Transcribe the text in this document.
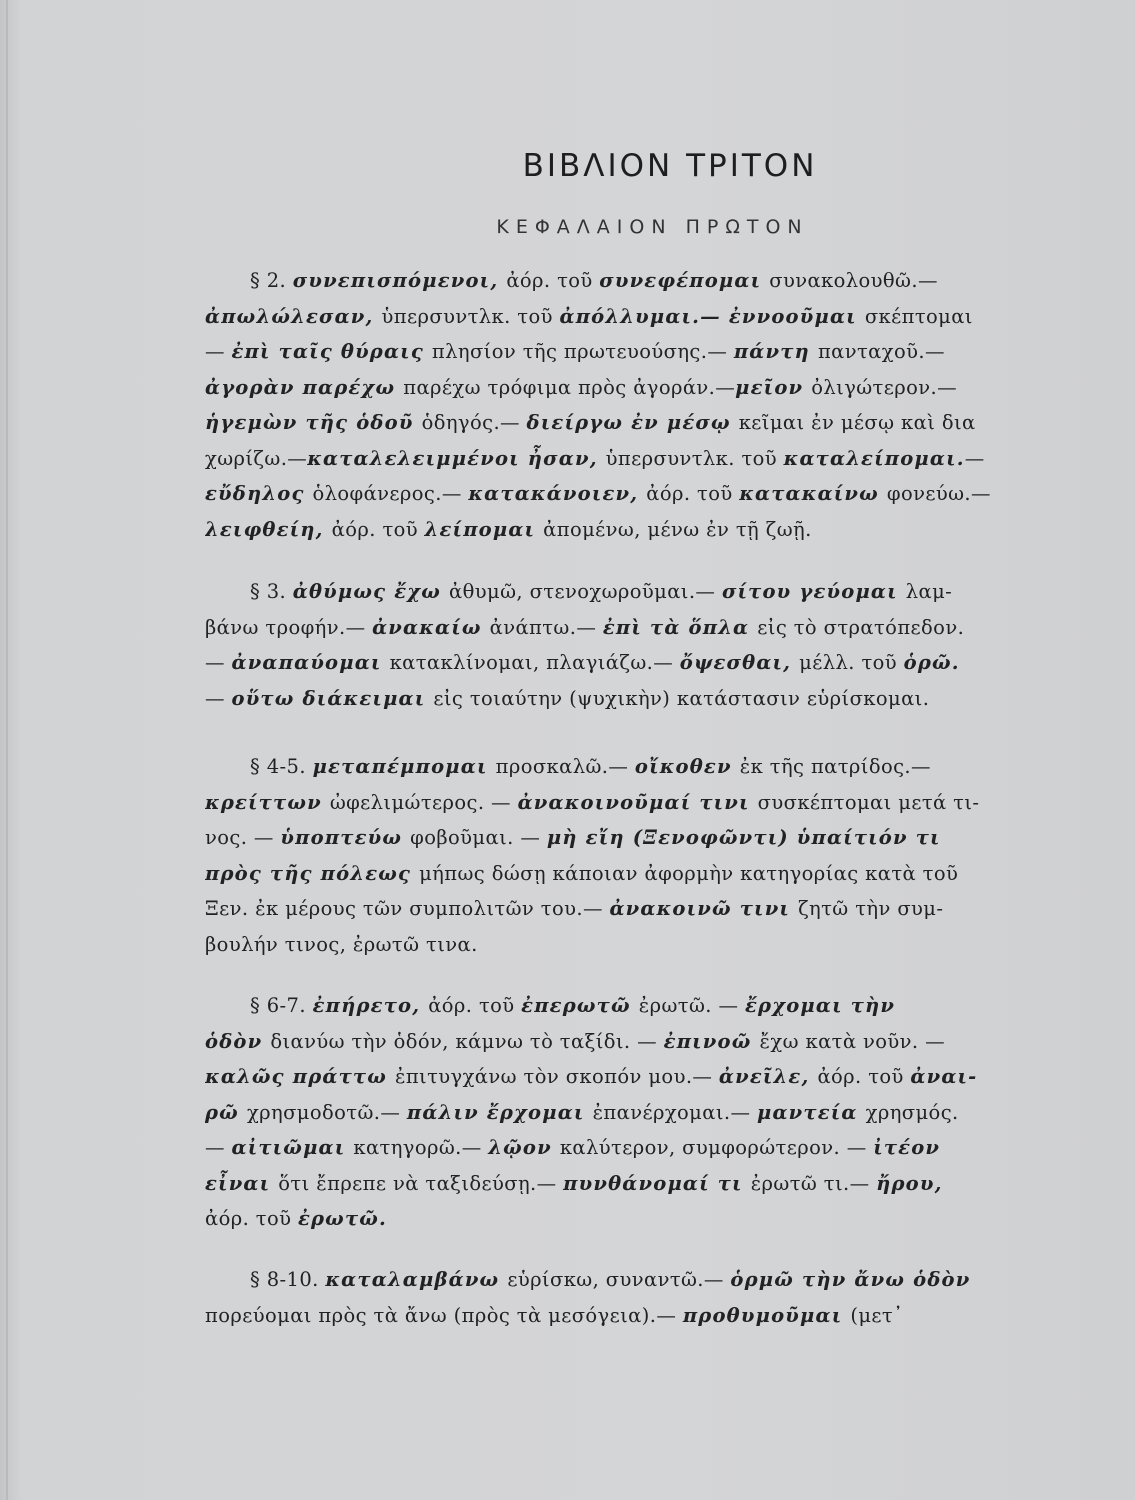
ΒΙΒΛΙΟΝ ΤΡΙΤΟΝ
ΚΕΦΑΛΑΙΟΝ ΠΡΩΤΟΝ
§ 2. συνεπισπόμενοι, ἀόρ. τοῦ συνεφέπομαι συνακολουθῶ.—
ἀπωλώλεσαν, ὑπερσυντλκ. τοῦ ἀπόλλυμαι.— ἐννοοῦμαι σκέπτομαι
— ἐπὶ ταῖς θύραις πλησίον τῆς πρωτευούσης.— πάντη πανταχοῦ.—
ἀγορὰν παρέχω παρέχω τρόφιμα πρὸς ἀγοράν.—μεῖον ὀλιγώτερον.—
ἡγεμὼν τῆς ὁδοῦ ὁδηγός.— διείργω ἐν μέσῳ κεῖμαι ἐν μέσῳ καὶ δια
χωρίζω.—καταλελειμμένοι ἦσαν, ὑπερσυντλκ. τοῦ καταλείπομαι.—
εὔδηλος ὁλοφάνερος.— κατακάνοιεν, ἀόρ. τοῦ κατακαίνω φονεύω.—
λειφθείη, ἀόρ. τοῦ λείπομαι ἀπομένω, μένω ἐν τῇ ζωῇ.
§ 3. ἀθύμως ἔχω ἀθυμῶ, στενοχωροῦμαι.— σίτου γεύομαι λαμ-
βάνω τροφήν.— ἀνακαίω ἀνάπτω.— ἐπὶ τὰ ὅπλα εἰς τὸ στρατόπεδον.
— ἀναπαύομαι κατακλίνομαι, πλαγιάζω.— ὄψεσθαι, μέλλ. τοῦ ὁρῶ.
— οὕτω διάκειμαι εἰς τοιαύτην (ψυχικὴν) κατάστασιν εὑρίσκομαι.
§ 4-5. μεταπέμπομαι προσκαλῶ.— οἴκοθεν ἐκ τῆς πατρίδος.—
κρείττων ὠφελιμώτερος. — ἀνακοινοῦμαί τινι συσκέπτομαι μετά τι-
νος. — ὑποπτεύω φοβοῦμαι. — μὴ εἴη (Ξενοφῶντι) ὑπαίτιόν τι
πρὸς τῆς πόλεως μήπως δώσῃ κάποιαν ἀφορμὴν κατηγορίας κατὰ τοῦ
Ξεν. ἐκ μέρους τῶν συμπολιτῶν του.— ἀνακοινῶ τινι ζητῶ τὴν συμ-
βουλήν τινος, ἐρωτῶ τινα.
§ 6-7. ἐπήρετο, ἀόρ. τοῦ ἐπερωτῶ ἐρωτῶ. — ἔρχομαι τὴν
ὁδὸν διανύω τὴν ὁδόν, κάμνω τὸ ταξίδι. — ἐπινοῶ ἔχω κατὰ νοῦν. —
καλῶς πράττω ἐπιτυγχάνω τὸν σκοπόν μου.— ἀνεῖλε, ἀόρ. τοῦ ἀναι-
ρῶ χρησμοδοτῶ.— πάλιν ἔρχομαι ἐπανέρχομαι.— μαντεία χρησμός.
— αἰτιῶμαι κατηγορῶ.— λῷον καλύτερον, συμφορώτερον. — ἰτέον
εἶναι ὅτι ἔπρεπε νὰ ταξιδεύσῃ.— πυνθάνομαί τι ἐρωτῶ τι.— ἤρου,
ἀόρ. τοῦ ἐρωτῶ.
§ 8-10. καταλαμβάνω εὑρίσκω, συναντῶ.— ὁρμῶ τὴν ἄνω ὁδὸν
πορεύομαι πρὸς τὰ ἄνω (πρὸς τὰ μεσόγεια).— προθυμοῦμαι (μετ᾿
